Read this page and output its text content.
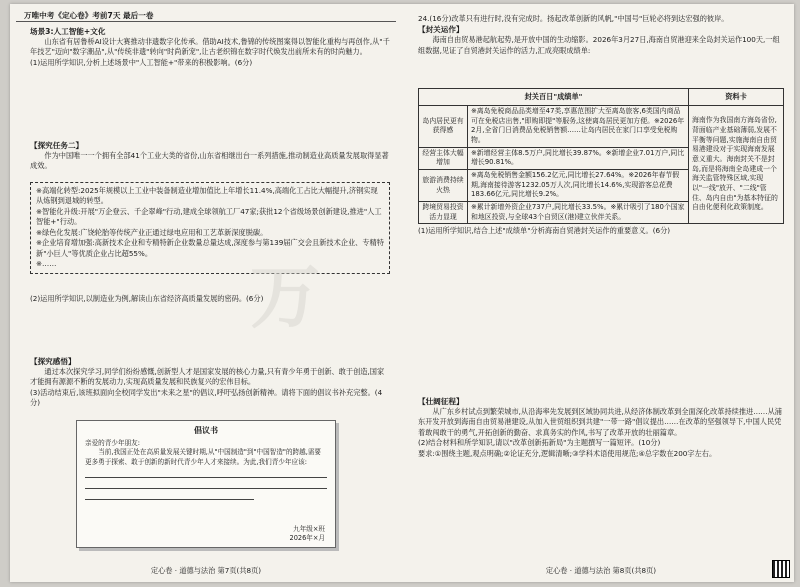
万唯中考《定心卷》考前7天 最后一卷

场景3:人工智能+文化

山东省有居鲁桥AI设计大赛推动非遗数字化传承。借助AI技术,鲁锦的传统图案得以智能化重构与再创作,从"千年技艺"迈向"数字潮品",从"传统非遗"转向"时尚新宠",让古老织锦在数字时代焕发出前所未有的时尚魅力。

(1)运用所学知识,分析上述场景中"人工智能+"带来的积极影响。(6分)

【探究任务二】

作为中国唯一一个拥有全部41个工业大类的省份,山东省相继出台一系列措施,推动制造业高质量发展取得显著成效。

※高端化转型:2025年规模以上工业中装备制造业增加值比上年增长11.4%,高端化工占比大幅提升,济钢实现从炼钢到退城的转型。

※智能化升级:开展"万企登云、千企翠峰"行动,建成全球领航工厂47家;获批12个省级场景创新建设,推进"人工智能+"行动。

※绿色化发展:广饶轮胎等传统产业正通过绿电应用和工艺革新深度脱碳。

※企业培育增加强:高新技术企业和专精特新企业数量总量达成,深度参与第139届广交会且新技术企业、专精特新"小巨人"等优质企业占比超55%。

※……

(2)运用所学知识,以制造业为例,解读山东省经济高质量发展的密码。(6分)

【探究感悟】

通过本次探究学习,同学们纷纷感慨,创新型人才是国家发展的核心力量,只有青少年勇于创新、敢于创造,国家才能拥有源源不断的发展动力,实现高质量发展和民族复兴的宏伟目标。

(3)活动结束后,该班拟面向全校同学发出"未来之星"的倡议,呼吁弘扬创新精神。请将下面的倡议书补充完整。(4分)

倡议书

亲爱的青少年朋友:

当前,我国正处在高质量发展关键时期,从"中国制造"到"中国智造"的跨越,需要更多勇于探索、敢于创新的新时代青少年人才来接续。为此,我们青少年应该:

九年级×班
2026年×月
定心卷 · 道德与法治 第7页(共8页)
万

24.(16分)改革只有进行时,没有完成时。扬起改革创新的风帆,"中国号"巨轮必将到达宏强的彼岸。

【封关运作】

海南自由贸易港起航起势,是开放中国的生动缩影。2026年3月27日,海南自贸港迎来全岛封关运作100天,一组组数据,见证了自贸港封关运作的活力,汇成亮眼成绩单:

封关百日"成绩单"		资料卡
岛内居民更有获得感	※离岛免税商品品类增至47类,享惠范围扩大至离岛旅客,6类国内商品可在免税店出售,"即购即提"等服务,这使离岛居民更加方便。※2026年2月,全省门日消费品免税销售额……让岛内居民在家门口享受免税购物。	海南作为我国南方海岛省份,背面临产业基础薄弱,发展不平衡等问题,实施海南自由贸易港建设对于实现海南发展意义重大。海南封关不是封岛,而是将海南全岛建成一个海关监管特殊区域,实现以"一线"放开、"二线"管住、岛内自由"为基本特征的自由化便利化政策制度。
经营主体大幅增加	※新增经营主体8.5万户,同比增长39.87%。※新增企业7.01万户,同比增长90.81%。	
旅游消费持续火热	※离岛免税销售金额156.2亿元,同比增长27.64%。※2026年春节假期,海南接待游客1232.05万人次,同比增长14.6%,实现游客总花费183.66亿元,同比增长9.2%。	
跨境贸易投资活力显现	※累计新增外资企业737户,同比增长33.5%。※累计吸引了180个国家和地区投资,与全球43个自贸区(港)建立伙伴关系。	

(1)运用所学知识,结合上述"成绩单"分析海南自贸港封关运作的重要意义。(6分)

【壮阔征程】

从广东乡村试点到繁荣城市,从沿海率先发展到区域协同共进,从经济体制改革到全面深化改革持续推进……从浦东开发开放到海南自由贸易港建设,从加入世贸组织到共建"一带一路"倡议提出……在改革的坚强领导下,中国人民凭着敢闯敢干的勇气,开拓创新的勤奋、求真务实的作风,书写了改革开放的壮丽篇章。

(2)结合材料和所学知识,请以"改革创新拓新局"为主题撰写一篇短评。(10分)

要求:①围绕主题,观点明确;②论证充分,逻辑清晰;③学科术语使用规范;④总字数在200字左右。

定心卷 · 道德与法治 第8页(共8页)
